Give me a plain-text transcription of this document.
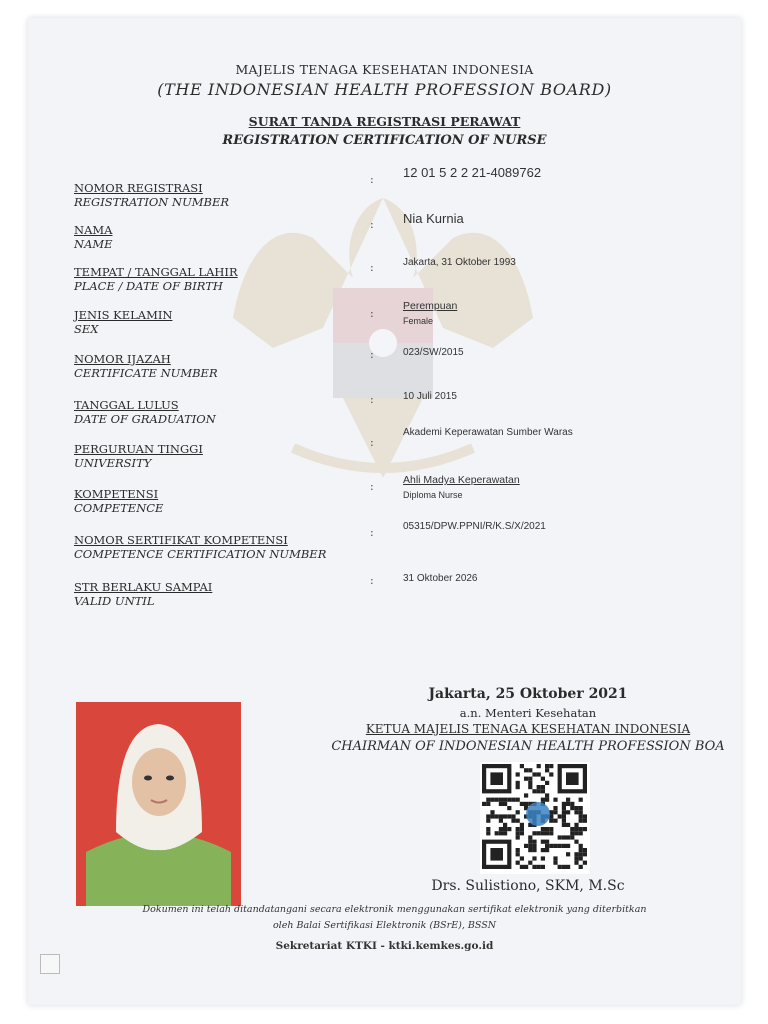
MAJELIS TENAGA KESEHATAN INDONESIA
(THE INDONESIAN HEALTH PROFESSION BOARD)
SURAT TANDA REGISTRASI PERAWAT
REGISTRATION CERTIFICATION OF NURSE
NOMOR REGISTRASI
REGISTRATION NUMBER
: 12 01 5 2 2 21-4089762
NAMA
NAME
: Nia Kurnia
TEMPAT / TANGGAL LAHIR
PLACE / DATE OF BIRTH
:	Jakarta, 31 Oktober 1993
JENIS KELAMIN
SEX
:
Perempuan
Female
NOMOR IJAZAH
CERTIFICATE NUMBER
:	023/SW/2015
TANGGAL LULUS
DATE OF GRADUATION
:	10 Juli 2015
PERGURUAN TINGGI
UNIVERSITY
:
Akademi Keperawatan Sumber Waras
KOMPETENSI
COMPETENCE
:	Ahli Madya Keperawatan
Diploma Nurse
NOMOR SERTIFIKAT KOMPETENSI
COMPETENCE CERTIFICATION NUMBER
:	05315/DPW.PPNI/R/K.S/X/2021
STR BERLAKU SAMPAI
VALID UNTIL
:	31 Oktober 2026
Jakarta, 25 Oktober 2021
a.n. Menteri Kesehatan
KETUA MAJELIS TENAGA KESEHATAN INDONESIA
CHAIRMAN OF INDONESIAN HEALTH PROFESSION BOA
Drs. Sulistiono, SKM, M.Sc
Dokumen ini telah ditandatangani secara elektronik menggunakan sertifikat elektronik yang diterbitkan
oleh Balai Sertifikasi Elektronik (BSrE), BSSN
Sekretariat KTKI - ktki.kemkes.go.id
